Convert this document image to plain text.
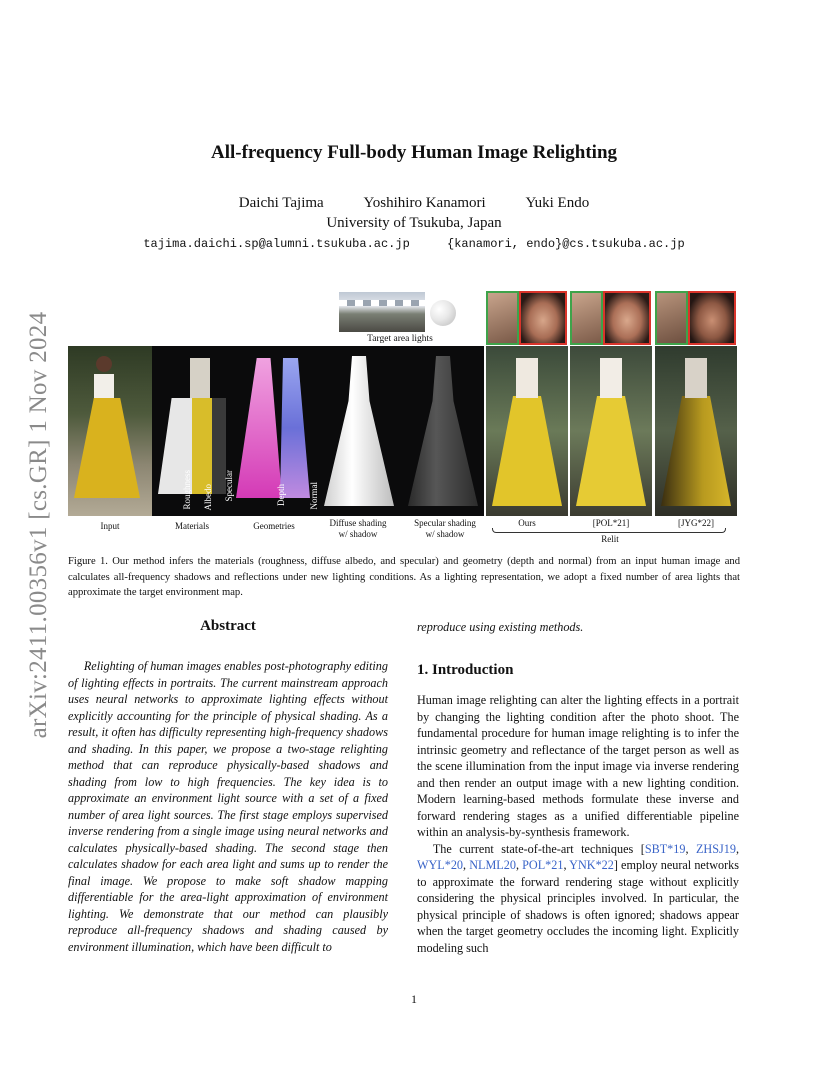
arXiv:2411.00356v1 [cs.GR] 1 Nov 2024
All-frequency Full-body Human Image Relighting
Daichi Tajima	Yoshihiro Kanamori	Yuki Endo
University of Tsukuba, Japan
tajima.daichi.sp@alumni.tsukuba.ac.jp	{kanamori, endo}@cs.tsukuba.ac.jp
Target area lights
Roughness Albedo Specular	Depth	Normal
Input	Materials	Geometries	Diffuse shading
w/ shadow
Specular shading
w/ shadow
Ours	[POL*21]	[JYG*22]
Relit
Figure 1. Our method infers the materials (roughness, diffuse albedo, and specular) and geometry (depth and normal) from an input human image and calculates all-frequency shadows and reflections under new lighting conditions. As a lighting representation, we adopt a fixed number of area lights that approximate the target environment map.
Abstract

Relighting of human images enables post-photography editing of lighting effects in portraits. The current mainstream approach uses neural networks to approximate lighting effects without explicitly accounting for the principle of physical shading. As a result, it often has difficulty representing high-frequency shadows and shading. In this paper, we propose a two-stage relighting method that can reproduce physically-based shadows and shading from low to high frequencies. The key idea is to approximate an environment light source with a set of a fixed number of area light sources. The first stage employs supervised inverse rendering from a single image using neural networks and calculates physically-based shading. The second stage then calculates shadow for each area light and sums up to render the final image. We propose to make soft shadow mapping differentiable for the area-light approximation of environment lighting. We demonstrate that our method can plausibly reproduce all-frequency shadows and shading caused by environment illumination, which have been difficult to

reproduce using existing methods.
1. Introduction

Human image relighting can alter the lighting effects in a portrait by changing the lighting condition after the photo shoot. The fundamental procedure for human image relighting is to infer the intrinsic geometry and reflectance of the target person as well as the scene illumination from the input image via inverse rendering and then render an output image with a new lighting condition. Modern learning-based methods formulate these inverse and forward rendering stages as a unified differentiable pipeline within an analysis-by-synthesis framework.

The current state-of-the-art techniques [SBT*19, ZHSJ19, WYL*20, NLML20, POL*21, YNK*22] employ neural networks to approximate the forward rendering stage without explicitly considering the physical principles involved. In particular, the physical principle of shadows is often ignored; shadows appear when the target geometry occludes the incoming light. Explicitly modeling such

1
